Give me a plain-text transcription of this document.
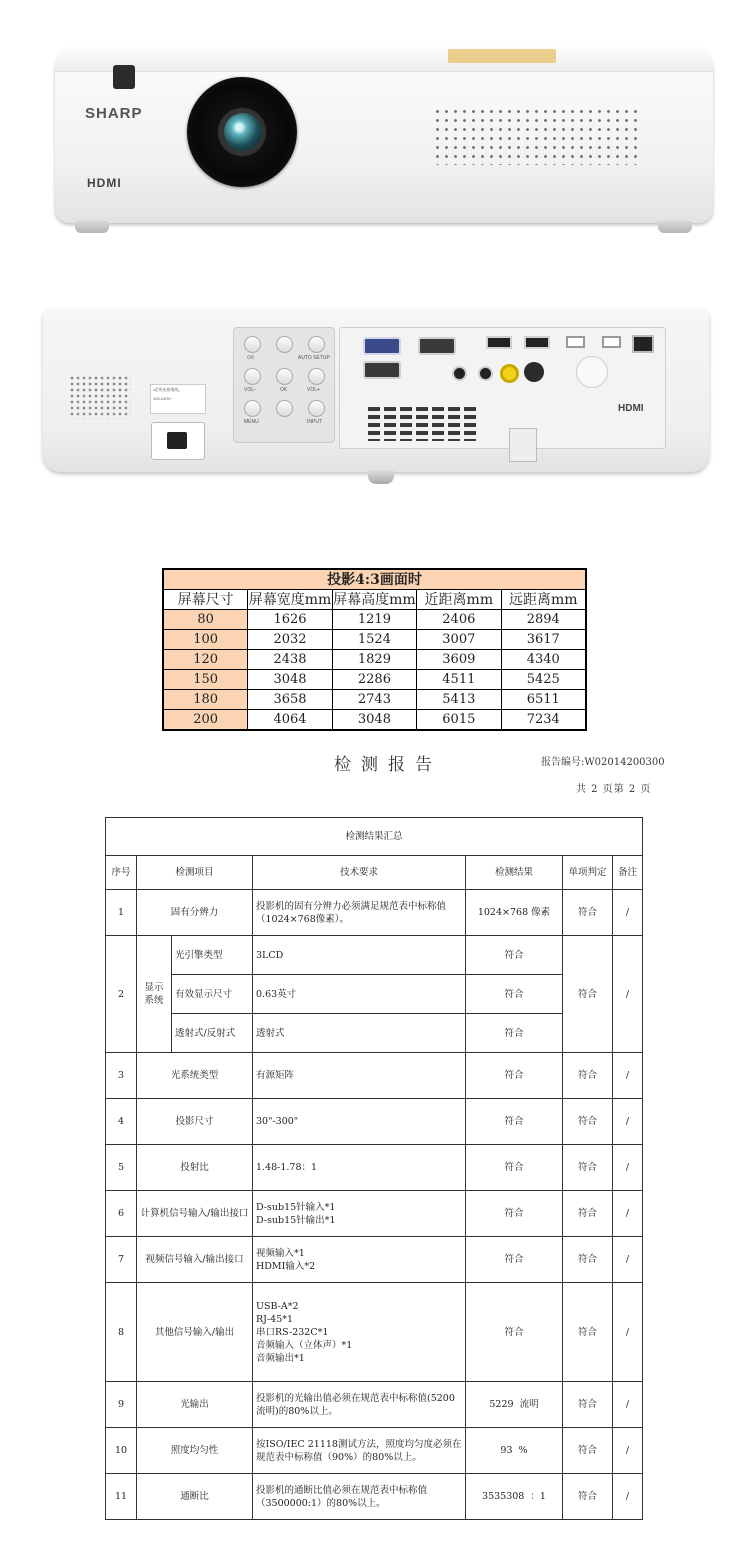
SHARP
HDMI
•必须连接地线。
100-240V~
⏻/I	AUTO SETUP
VOL−	OK	VOL+
MENU	INPUT
HDMI
投影4:3画面时				
屏幕尺寸	屏幕宽度mm	屏幕高度mm	近距离mm	远距离mm
80	1626	1219	2406	2894
100	2032	1524	3007	3617
120	2438	1829	3609	4340
150	3048	2286	4511	5425
180	3658	2743	5413	6511
200	4064	3048	6015	7234
检测报告	报告编号:W02014200300
共 2 页第 2 页
检测结果汇总						
序号	检测项目		技术要求	检测结果	单项判定	备注
1	固有分辨力		投影机的固有分辨力必须满足规范表中标称值（1024×768像素）。	1024×768 像素	符合	/
2	显示系统	光引擎类型	3LCD	符合	符合	/
		有效显示尺寸	0.63英寸	符合		
		透射式/反射式	透射式	符合		
3	光系统类型		有源矩阵	符合	符合	/
4	投影尺寸		30"-300"	符合	符合	/
5	投射比		1.48-1.78：1	符合	符合	/
6	计算机信号输入/输出接口		D-sub15针输入*1
D-sub15针输出*1	符合	符合	/
7	视频信号输入/输出接口		视频输入*1
HDMI输入*2	符合	符合	/
8	其他信号输入/输出		USB-A*2
RJ-45*1
串口RS-232C*1
音频输入（立体声）*1
音频输出*1	符合	符合	/
9	光输出		投影机的光输出值必须在规范表中标称值(5200流明)的80%以上。	5229  流明	符合	/
10	照度均匀性		按ISO/IEC 21118测试方法，照度均匀度必须在规范表中标称值（90%）的80%以上。	93  %	符合	/
11	通断比		投影机的通断比值必须在规范表中标称值（3500000:1）的80%以上。	3535308  ：1	符合	/
